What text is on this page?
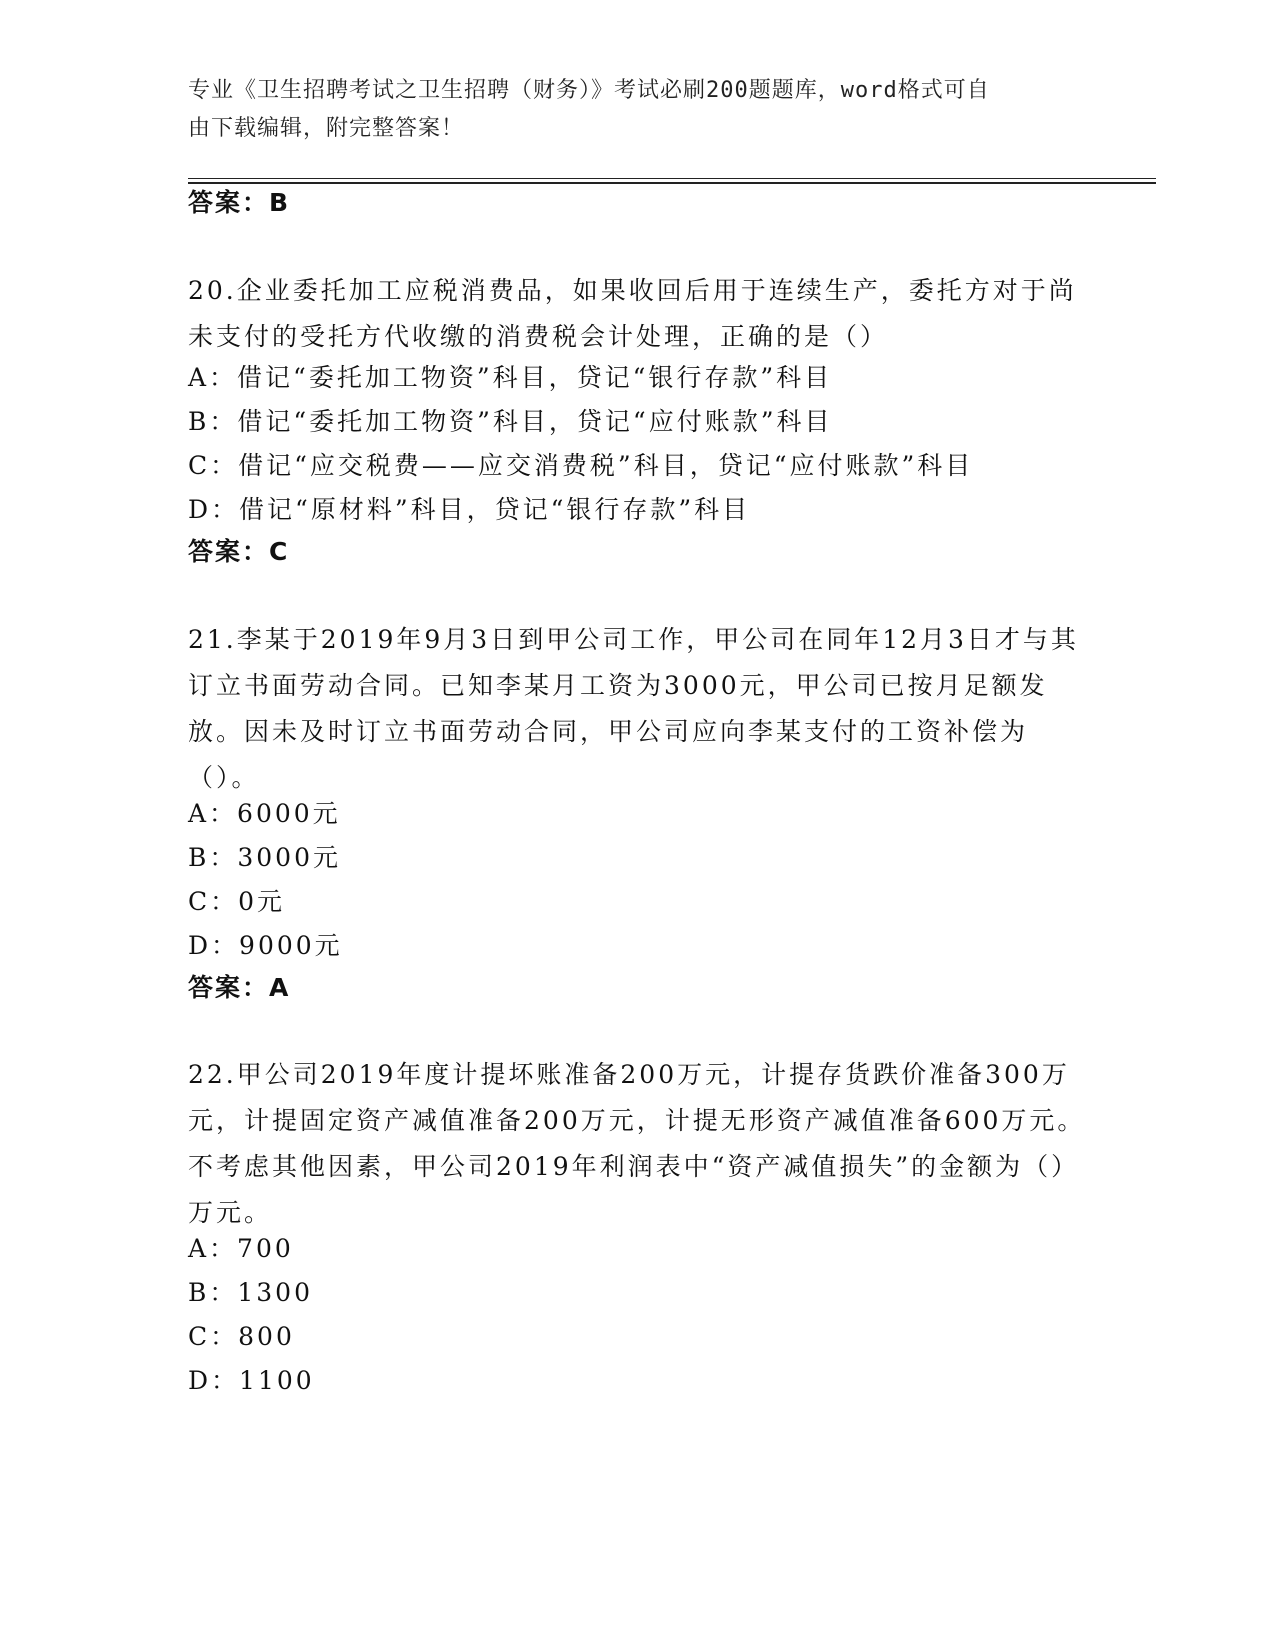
专业《卫生招聘考试之卫生招聘（财务）》考试必刷200题题库，word格式可自
由下载编辑，附完整答案！
答案：B
20.企业委托加工应税消费品，如果收回后用于连续生产，委托方对于尚未支付的受托方代收缴的消费税会计处理，正确的是（）
A：借记“委托加工物资”科目，贷记“银行存款”科目
B：借记“委托加工物资”科目，贷记“应付账款”科目
C：借记“应交税费——应交消费税”科目，贷记“应付账款”科目
D：借记“原材料”科目，贷记“银行存款”科目
答案：C
21.李某于2019年9月3日到甲公司工作，甲公司在同年12月3日才与其订立书面劳动合同。已知李某月工资为3000元，甲公司已按月足额发放。因未及时订立书面劳动合同，甲公司应向李某支付的工资补偿为（）。
A：6000元
B：3000元
C：0元
D：9000元
答案：A
22.甲公司2019年度计提坏账准备200万元，计提存货跌价准备300万元，计提固定资产减值准备200万元，计提无形资产减值准备600万元。不考虑其他因素，甲公司2019年利润表中“资产减值损失”的金额为（）万元。
A：700
B：1300
C：800
D：1100
